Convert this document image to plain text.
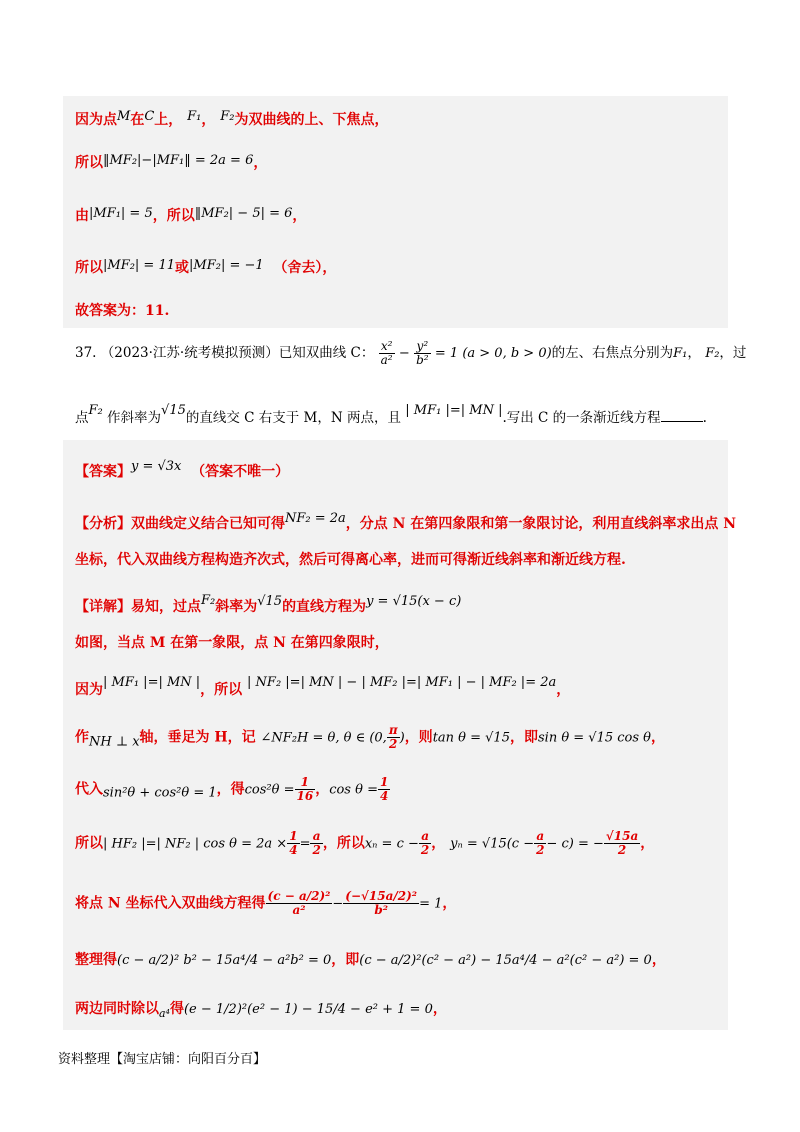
因为点M在C上， F₁， F₂为双曲线的上、下焦点，
所以‖MF₂|−|MF₁‖ = 2a = 6，
由|MF₁| = 5，所以‖MF₂| − 5| = 6，
所以|MF₂| = 11或|MF₂| = −1 （舍去），
故答案为：11.
37. （2023·江苏·统考模拟预测）已知双曲线 C： $\frac{\text{x²}}{\text{a²}} - \frac{\text{y²}}{\text{b²}} = 1$ (a > 0, b > 0)的左、右焦点分别为F₁， F₂，过
点F₂ 作斜率为√15的直线交 C 右支于 M，N 两点，且 | MF₁ |=| MN |.写出 C 的一条渐近线方程	.
【答案】y = √3x （答案不唯一）
【分析】双曲线定义结合已知可得NF₂ = 2a，分点 N 在第四象限和第一象限讨论，利用直线斜率求出点 N
坐标，代入双曲线方程构造齐次式，然后可得离心率，进而可得渐近线斜率和渐近线方程.
【详解】易知，过点F₂斜率为√15的直线方程为y = √15(x − c)
如图，当点 M 在第一象限，点 N 在第四象限时，
因为| MF₁ |=| MN |，所以 | NF₂ |=| MN | − | MF₂ |=| MF₁ | − | MF₂ |= 2a，
作NH ⊥ x轴，垂足为 H，记 ∠NF₂H = θ, θ ∈ (0, $\frac{\pi}{2}$ )，则tan θ = √15，即sin θ = √15 cos θ，
代入sin²θ + cos²θ = 1，得$\cos^2\theta = \frac{1}{16}$ ，$\cos \theta = \frac{1}{4}$
所以| HF₂ |=| NF₂ | $\cos \theta = 2a \times \frac{1}{4} = \frac{a}{2}$ ，所以$x_n = c - \frac{a}{2}$ ， $y_n = √15(c - \frac{a}{2} - c)$ = − $\frac{√15a}{2}$ ，
将点 N 坐标代入双曲线方程得 $\frac{\text{(c − a/2)²}}{\text{a²}} - \frac{\text{(−√15a/2)²}}{\text{b²}} = 1$，
整理得(c − a/2)² b² − 15a⁴/4 − a²b² = 0，即(c − a/2)²(c² − a²) − 15a⁴/4 − a²(c² − a²) = 0，
两边同时除以$_{a^4}$得(e − 1/2)²(e² − 1) − 15/4 − e² + 1 = 0，
资料整理【淘宝店铺：向阳百分百】
